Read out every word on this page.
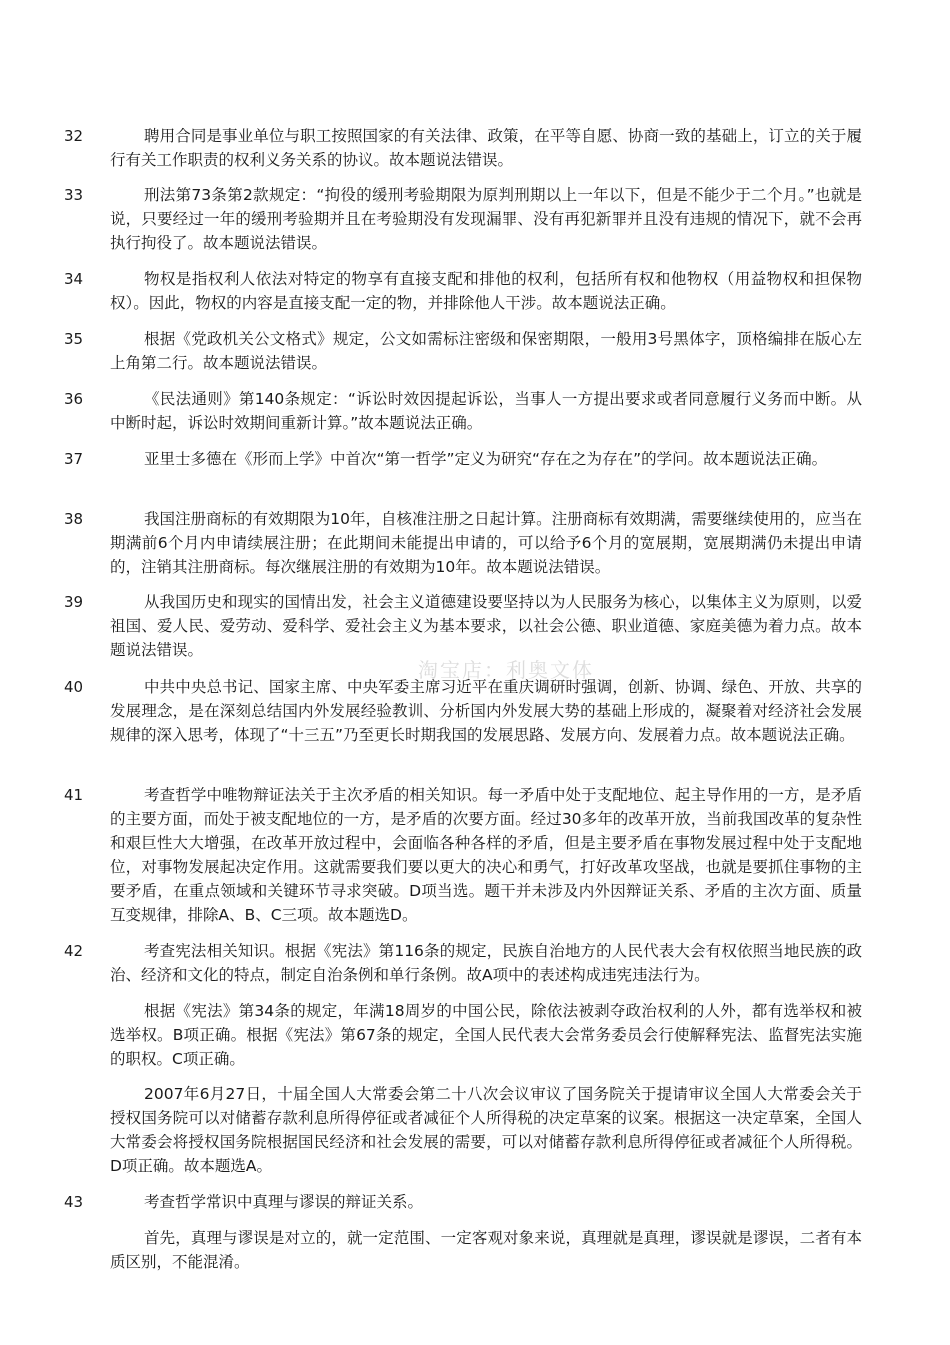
淘宝店：利奥文体
32	聘用合同是事业单位与职工按照国家的有关法律、政策，在平等自愿、协商一致的基础上，订立的关于履行有关工作职责的权利义务关系的协议。故本题说法错误。

33	刑法第73条第2款规定：“拘役的缓刑考验期限为原判刑期以上一年以下，但是不能少于二个月。”也就是说，只要经过一年的缓刑考验期并且在考验期没有发现漏罪、没有再犯新罪并且没有违规的情况下，就不会再执行拘役了。故本题说法错误。

34	物权是指权利人依法对特定的物享有直接支配和排他的权利，包括所有权和他物权（用益物权和担保物权）。因此，物权的内容是直接支配一定的物，并排除他人干涉。故本题说法正确。

35	根据《党政机关公文格式》规定，公文如需标注密级和保密期限，一般用3号黑体字，顶格编排在版心左上角第二行。故本题说法错误。

36	《民法通则》第140条规定：“诉讼时效因提起诉讼，当事人一方提出要求或者同意履行义务而中断。从中断时起，诉讼时效期间重新计算。”故本题说法正确。

37	亚里士多德在《形而上学》中首次“第一哲学”定义为研究“存在之为存在”的学问。故本题说法正确。

38	我国注册商标的有效期限为10年，自核准注册之日起计算。注册商标有效期满，需要继续使用的，应当在期满前6个月内申请续展注册；在此期间未能提出申请的，可以给予6个月的宽展期，宽展期满仍未提出申请的，注销其注册商标。每次继展注册的有效期为10年。故本题说法错误。

39	从我国历史和现实的国情出发，社会主义道德建设要坚持以为人民服务为核心，以集体主义为原则，以爱祖国、爱人民、爱劳动、爱科学、爱社会主义为基本要求，以社会公德、职业道德、家庭美德为着力点。故本题说法错误。

40	中共中央总书记、国家主席、中央军委主席习近平在重庆调研时强调，创新、协调、绿色、开放、共享的发展理念，是在深刻总结国内外发展经验教训、分析国内外发展大势的基础上形成的，凝聚着对经济社会发展规律的深入思考，体现了“十三五”乃至更长时期我国的发展思路、发展方向、发展着力点。故本题说法正确。

41	考查哲学中唯物辩证法关于主次矛盾的相关知识。每一矛盾中处于支配地位、起主导作用的一方，是矛盾的主要方面，而处于被支配地位的一方，是矛盾的次要方面。经过30多年的改革开放，当前我国改革的复杂性和艰巨性大大增强，在改革开放过程中，会面临各种各样的矛盾，但是主要矛盾在事物发展过程中处于支配地位，对事物发展起决定作用。这就需要我们要以更大的决心和勇气，打好改革攻坚战，也就是要抓住事物的主要矛盾，在重点领域和关键环节寻求突破。D项当选。题干并未涉及内外因辩证关系、矛盾的主次方面、质量互变规律，排除A、B、C三项。故本题选D。

42	考查宪法相关知识。根据《宪法》第116条的规定，民族自治地方的人民代表大会有权依照当地民族的政治、经济和文化的特点，制定自治条例和单行条例。故A项中的表述构成违宪违法行为。

根据《宪法》第34条的规定，年满18周岁的中国公民，除依法被剥夺政治权利的人外，都有选举权和被选举权。B项正确。根据《宪法》第67条的规定，全国人民代表大会常务委员会行使解释宪法、监督宪法实施的职权。C项正确。

2007年6月27日，十届全国人大常委会第二十八次会议审议了国务院关于提请审议全国人大常委会关于授权国务院可以对储蓄存款利息所得停征或者减征个人所得税的决定草案的议案。根据这一决定草案，全国人大常委会将授权国务院根据国民经济和社会发展的需要，可以对储蓄存款利息所得停征或者减征个人所得税。D项正确。故本题选A。

43	考查哲学常识中真理与谬误的辩证关系。

首先，真理与谬误是对立的，就一定范围、一定客观对象来说，真理就是真理，谬误就是谬误，二者有本质区别，不能混淆。
